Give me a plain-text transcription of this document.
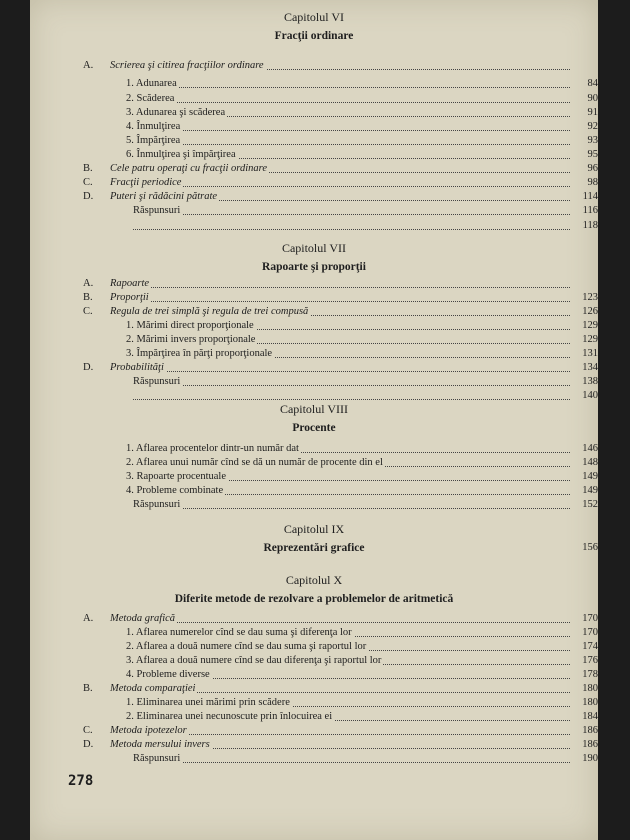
Capitolul VI
Fracţii ordinare
A. Scrierea şi citirea fracţiilor ordinare
1. Adunarea	84
2. Scăderea	90
3. Adunarea şi scăderea	91
4. Înmulţirea	92
5. Împărţirea	93
6. Înmulţirea şi împărţirea	95
B. Cele patru operaţi cu fracţii ordinare	96
C. Fracţii periodice	98
D. Puteri şi rădăcini pătrate	114
Răspunsuri	116
118
Capitolul VII
Rapoarte şi proporţii
A. Rapoarte
B. Proporţii	123
C. Regula de trei simplă şi regula de trei compusă	126
1. Mărimi direct proporţionale	129
2. Mărimi invers proporţionale	129
3. Împărţirea în părţi proporţionale	131
D. Probabilităţi	134
Răspunsuri	138
140
Capitolul VIII
Procente
1. Aflarea procentelor dintr-un număr dat	146
2. Aflarea unui număr cînd se dă un număr de procente din el	148
3. Rapoarte procentuale	149
4. Probleme combinate	149
Răspunsuri	152
Capitolul IX
Reprezentări grafice	156
Capitolul X
Diferite metode de rezolvare a problemelor de aritmetică
A. Metoda grafică	170
1. Aflarea numerelor cînd se dau suma şi diferenţa lor	170
2. Aflarea a două numere cînd se dau suma şi raportul lor	174
3. Aflarea a două numere cînd se dau diferenţa şi raportul lor	176
4. Probleme diverse	178
B. Metoda comparaţiei	180
1. Eliminarea unei mărimi prin scădere	180
2. Eliminarea unei necunoscute prin înlocuirea ei	184
C. Metoda ipotezelor	186
D. Metoda mersului invers	186
Răspunsuri	190
278
